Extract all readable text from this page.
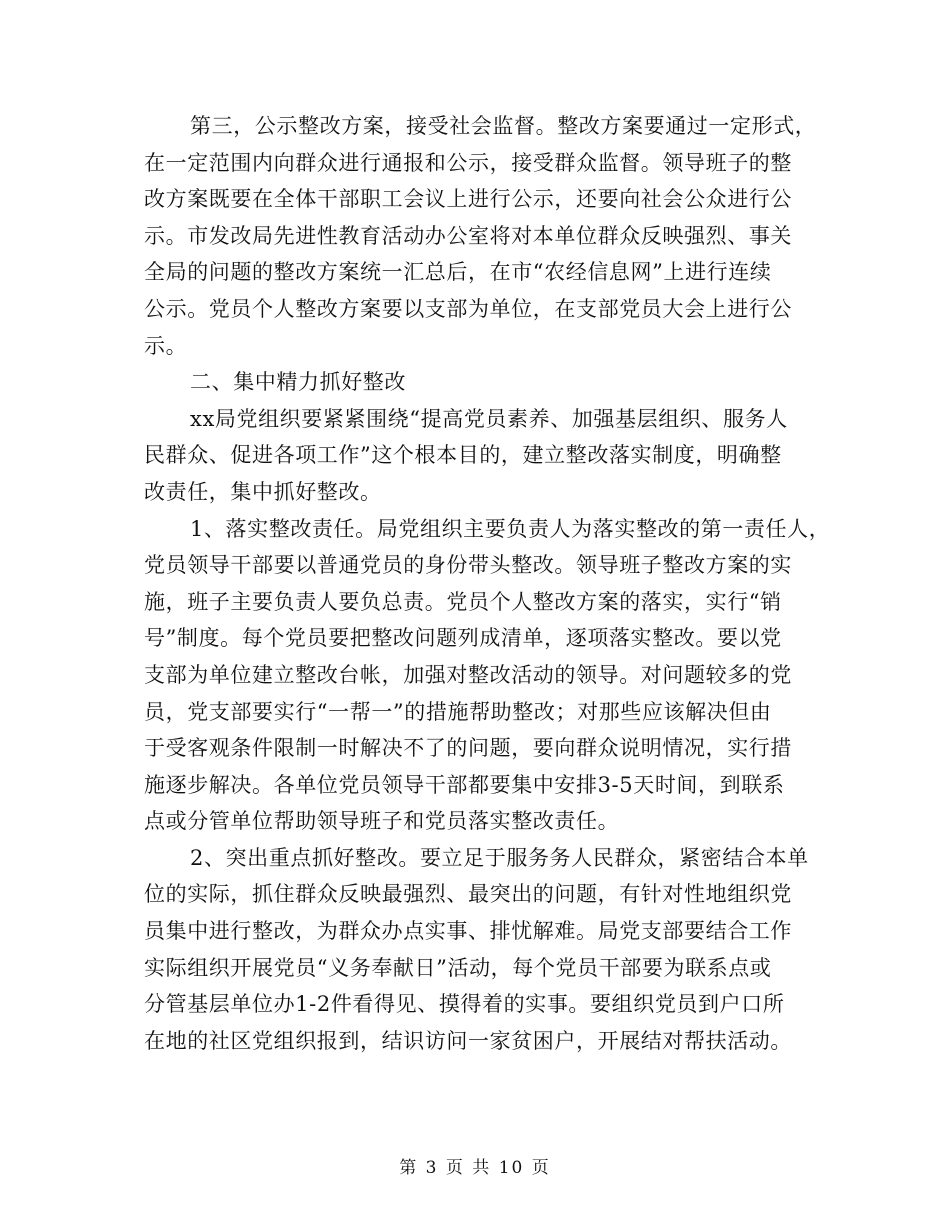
第三，公示整改方案，接受社会监督。整改方案要通过一定形式，
在一定范围内向群众进行通报和公示，接受群众监督。领导班子的整
改方案既要在全体干部职工会议上进行公示，还要向社会公众进行公
示。市发改局先进性教育活动办公室将对本单位群众反映强烈、事关
全局的问题的整改方案统一汇总后，在市“农经信息网”上进行连续
公示。党员个人整改方案要以支部为单位，在支部党员大会上进行公
示。
二、集中精力抓好整改
xx局党组织要紧紧围绕“提高党员素养、加强基层组织、服务人
民群众、促进各项工作”这个根本目的，建立整改落实制度，明确整
改责任，集中抓好整改。
1、落实整改责任。局党组织主要负责人为落实整改的第一责任人，
党员领导干部要以普通党员的身份带头整改。领导班子整改方案的实
施，班子主要负责人要负总责。党员个人整改方案的落实，实行“销
号”制度。每个党员要把整改问题列成清单，逐项落实整改。要以党
支部为单位建立整改台帐，加强对整改活动的领导。对问题较多的党
员，党支部要实行“一帮一”的措施帮助整改；对那些应该解决但由
于受客观条件限制一时解决不了的问题，要向群众说明情况，实行措
施逐步解决。各单位党员领导干部都要集中安排3-5天时间，到联系
点或分管单位帮助领导班子和党员落实整改责任。
2、突出重点抓好整改。要立足于服务务人民群众，紧密结合本单
位的实际，抓住群众反映最强烈、最突出的问题，有针对性地组织党
员集中进行整改，为群众办点实事、排忧解难。局党支部要结合工作
实际组织开展党员“义务奉献日”活动，每个党员干部要为联系点或
分管基层单位办1-2件看得见、摸得着的实事。要组织党员到户口所
在地的社区党组织报到，结识访问一家贫困户，开展结对帮扶活动。
第 3 页 共 10 页
